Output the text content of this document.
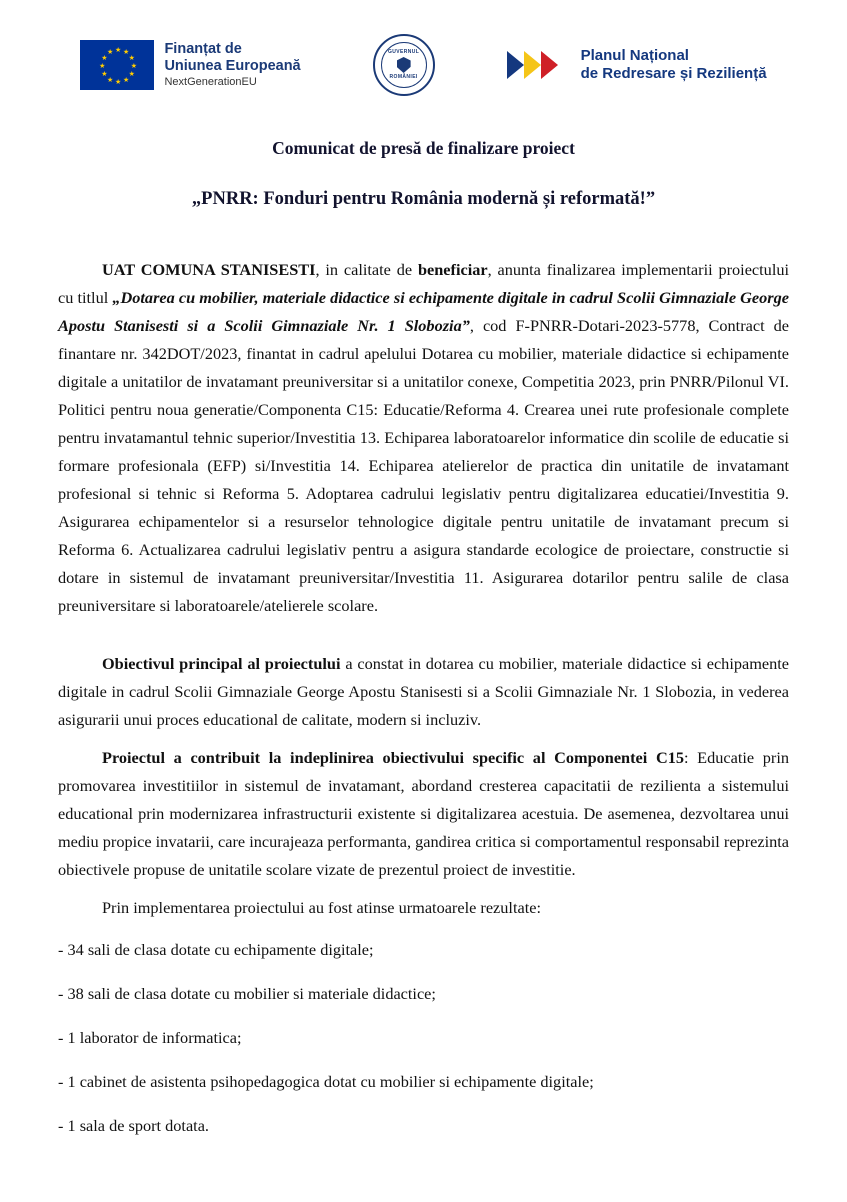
★ ★
★
★
★
★
★
★
★
★
★
★	Finanțat de
Uniunea Europeană
NextGenerationEU
GUVERNUL
ROMÂNIEI
Planul Național
de Redresare și Reziliență
Comunicat de presă de finalizare proiect
„PNRR: Fonduri pentru România modernă și reformată!”

UAT COMUNA STANISESTI, in calitate de beneficiar, anunta finalizarea implementarii proiectului cu titlul „Dotarea cu mobilier, materiale didactice si echipamente digitale in cadrul Scolii Gimnaziale George Apostu Stanisesti si a Scolii Gimnaziale Nr. 1 Slobozia”, cod F-PNRR-Dotari-2023-5778, Contract de finantare nr. 342DOT/2023, finantat in cadrul apelului Dotarea cu mobilier, materiale didactice si echipamente digitale a unitatilor de invatamant preuniversitar si a unitatilor conexe, Competitia 2023, prin PNRR/Pilonul VI. Politici pentru noua generatie/Componenta C15: Educatie/Reforma 4. Crearea unei rute profesionale complete pentru invatamantul tehnic superior/Investitia 13. Echiparea laboratoarelor informatice din scolile de educatie si formare profesionala (EFP) si/Investitia 14. Echiparea atelierelor de practica din unitatile de invatamant profesional si tehnic si Reforma 5. Adoptarea cadrului legislativ pentru digitalizarea educatiei/Investitia 9. Asigurarea echipamentelor si a resurselor tehnologice digitale pentru unitatile de invatamant precum si Reforma 6. Actualizarea cadrului legislativ pentru a asigura standarde ecologice de proiectare, constructie si dotare in sistemul de invatamant preuniversitar/Investitia 11. Asigurarea dotarilor pentru salile de clasa preuniversitare si laboratoarele/atelierele scolare.

Obiectivul principal al proiectului a constat in dotarea cu mobilier, materiale didactice si echipamente digitale in cadrul Scolii Gimnaziale George Apostu Stanisesti si a Scolii Gimnaziale Nr. 1 Slobozia, in vederea asigurarii unui proces educational de calitate, modern si incluziv.

Proiectul a contribuit la indeplinirea obiectivului specific al Componentei C15: Educatie prin promovarea investitiilor in sistemul de invatamant, abordand cresterea capacitatii de rezilienta a sistemului educational prin modernizarea infrastructurii existente si digitalizarea acestuia. De asemenea, dezvoltarea unui mediu propice invatarii, care incurajeaza performanta, gandirea critica si comportamentul responsabil reprezinta obiectivele propuse de unitatile scolare vizate de prezentul proiect de investitie.

Prin implementarea proiectului au fost atinse urmatoarele rezultate:

- 34 sali de clasa dotate cu echipamente digitale;
- 38 sali de clasa dotate cu mobilier si materiale didactice;
- 1 laborator de informatica;
- 1 cabinet de asistenta psihopedagogica dotat cu mobilier si echipamente digitale;
- 1 sala de sport dotata.
